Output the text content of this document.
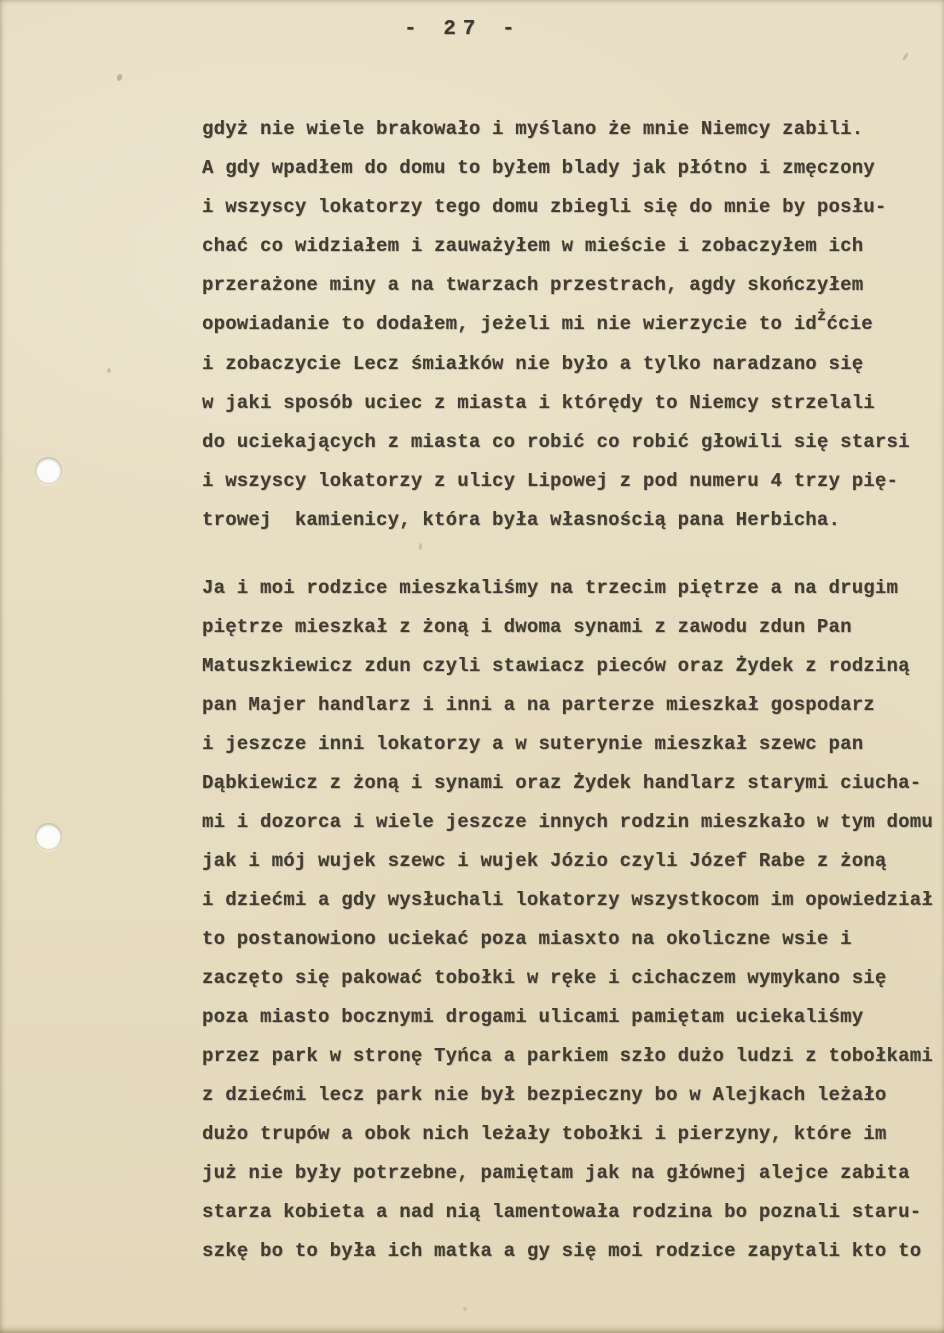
- 27 -
gdyż nie wiele brakowało i myślano że mnie Niemcy zabili.
A gdy wpadłem do domu to byłem blady jak płótno i zmęczony
i wszyscy lokatorzy tego domu zbiegli się do mnie by posłu-
chać co widziałem i zauważyłem w mieście i zobaczyłem ich
przerażone miny a na twarzach przestrach, agdy skończyłem
opowiadanie to dodałem, jeżeli mi nie wierzycie to $id^żćcie$
i zobaczycie Lecz śmiałków nie było a tylko naradzano się
w jaki sposób uciec z miasta i którędy to Niemcy strzelali
do uciekających z miasta co robić co robić głowili się starsi
i wszyscy lokatorzy z ulicy Lipowej z pod numeru 4 trzy pię-
trowej  kamienicy, która była własnością pana Herbicha.
Ja i moi rodzice mieszkaliśmy na trzecim piętrze a na drugim
piętrze mieszkał z żoną i dwoma synami z zawodu zdun Pan
Matuszkiewicz zdun czyli stawiacz pieców oraz Żydek z rodziną
pan Majer handlarz i inni a na parterze mieszkał gospodarz
i jeszcze inni lokatorzy a w suterynie mieszkał szewc pan
Dąbkiewicz z żoną i synami oraz Żydek handlarz starymi ciucha-
mi i dozorca i wiele jeszcze innych rodzin mieszkało w tym domu
jak i mój wujek szewc i wujek Józio czyli Józef Rabe z żoną
i dziećmi a gdy wysłuchali lokatorzy wszystkocom im opowiedział
to postanowiono uciekać poza miasxto na okoliczne wsie i
zaczęto się pakować tobołki w ręke i cichaczem wymykano się
poza miasto bocznymi drogami ulicami pamiętam uciekaliśmy
przez park w stronę Tyńca a parkiem szło dużo ludzi z tobołkami
z dziećmi lecz park nie był bezpieczny bo w Alejkach leżało
dużo trupów a obok nich leżały tobołki i pierzyny, które im
już nie były potrzebne, pamiętam jak na głównej alejce zabita
starza kobieta a nad nią lamentowała rodzina bo poznali staru-
szkę bo to była ich matka a gy się moi rodzice zapytali kto to
